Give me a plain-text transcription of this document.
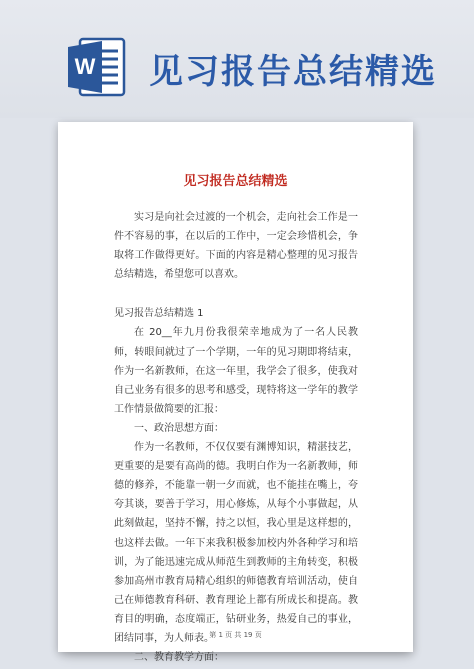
W 见习报告总结精选
见习报告总结精选

实习是向社会过渡的一个机会，走向社会工作是一件不容易的事，在以后的工作中，一定会珍惜机会，争取将工作做得更好。下面的内容是精心整理的见习报告总结精选，希望您可以喜欢。

见习报告总结精选 1

在 20__年九月份我很荣幸地成为了一名人民教师，转眼间就过了一个学期，一年的见习期即将结束，作为一名新教师，在这一年里，我学会了很多，使我对自己业务有很多的思考和感受，现特将这一学年的教学工作情景做简要的汇报：

一、政治思想方面：

作为一名教师，不仅仅要有渊博知识，精湛技艺，更重要的是要有高尚的德。我明白作为一名新教师，师德的修养，不能靠一朝一夕而就，也不能挂在嘴上，夸夸其谈，要善于学习，用心修炼，从每个小事做起，从此刻做起，坚持不懈，持之以恒，我心里是这样想的，也这样去做。一年下来我积极参加校内外各种学习和培训，为了能迅速完成从师范生到教师的主角转变，积极参加高州市教育局精心组织的师德教育培训活动，使自己在师德教育科研、教育理论上都有所成长和提高。教育目的明确，态度端正，钻研业务，热爱自己的事业，团结同事，为人师表。

二、教育教学方面：

第 1 页 共 19 页
